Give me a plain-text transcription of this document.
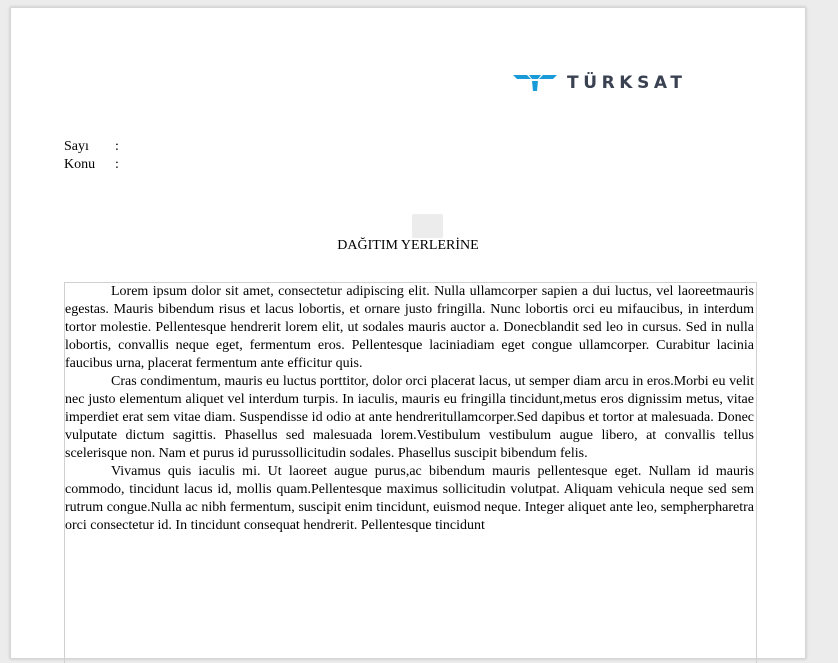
TÜRKSAT
Sayı	:
Konu	:
DAĞITIM YERLERİNE

Lorem ipsum dolor sit amet, consectetur adipiscing elit. Nulla ullamcorper sapien a dui luctus, vel laoreetmauris egestas. Mauris bibendum risus et lacus lobortis, et ornare justo fringilla. Nunc lobortis orci eu mifaucibus, in interdum tortor molestie. Pellentesque hendrerit lorem elit, ut sodales mauris auctor a. Donecblandit sed leo in cursus. Sed in nulla lobortis, convallis neque eget, fermentum eros. Pellentesque laciniadiam eget congue ullamcorper. Curabitur lacinia faucibus urna, placerat fermentum ante efficitur quis.

Cras condimentum, mauris eu luctus porttitor, dolor orci placerat lacus, ut semper diam arcu in eros.Morbi eu velit nec justo elementum aliquet vel interdum turpis. In iaculis, mauris eu fringilla tincidunt,metus eros dignissim metus, vitae imperdiet erat sem vitae diam. Suspendisse id odio at ante hendreritullamcorper.Sed dapibus et tortor at malesuada. Donec vulputate dictum sagittis. Phasellus sed malesuada lorem.Vestibulum vestibulum augue libero, at convallis tellus scelerisque non. Nam et purus id purussollicitudin sodales. Phasellus suscipit bibendum felis.

Vivamus quis iaculis mi. Ut laoreet augue purus,ac bibendum mauris pellentesque eget. Nullam id mauris commodo, tincidunt lacus id, mollis quam.Pellentesque maximus sollicitudin volutpat. Aliquam vehicula neque sed sem rutrum congue.Nulla ac nibh fermentum, suscipit enim tincidunt, euismod neque. Integer aliquet ante leo, sempherpharetra orci consectetur id. In tincidunt consequat hendrerit. Pellentesque tincidunt
